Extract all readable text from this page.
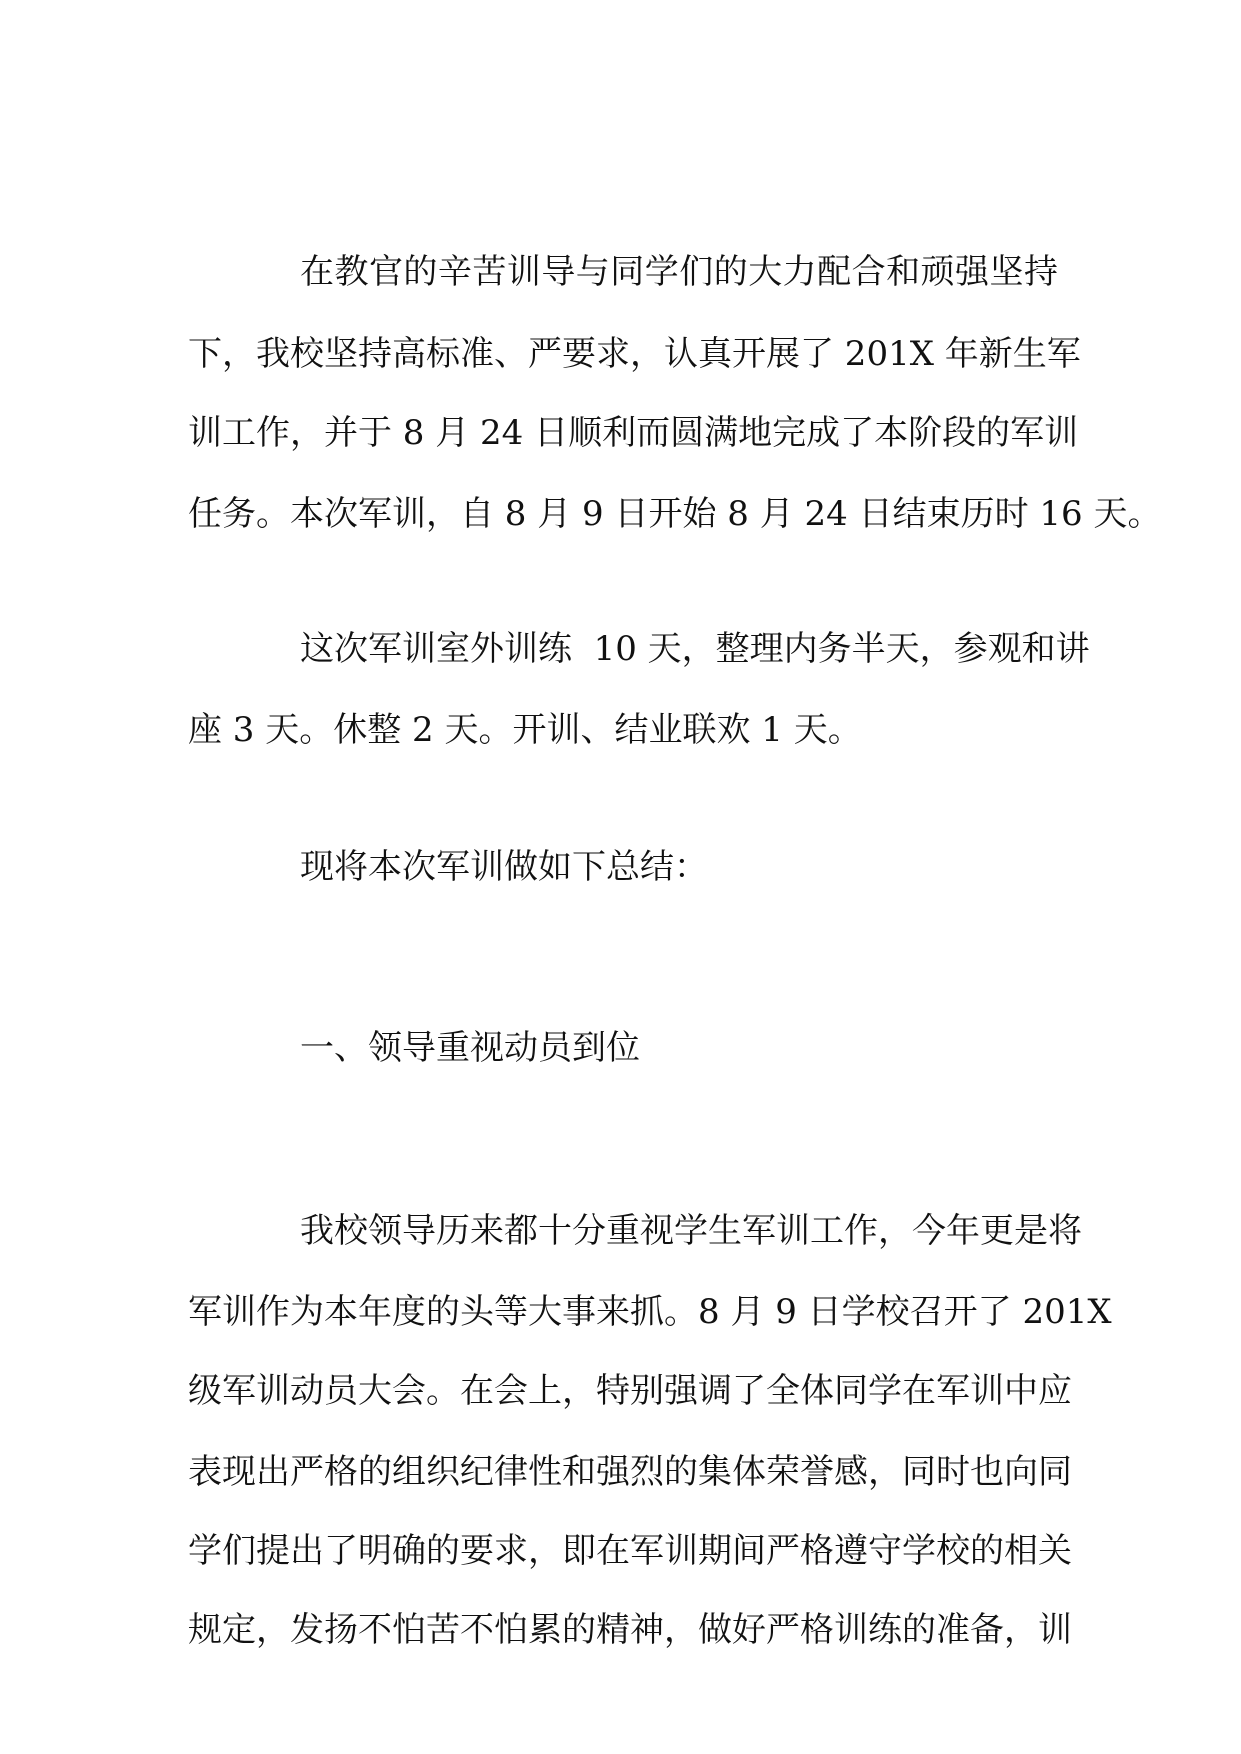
在教官的辛苦训导与同学们的大力配合和顽强坚持
下，我校坚持高标准、严要求，认真开展了 201X 年新生军
训工作，并于 8 月 24 日顺利而圆满地完成了本阶段的军训
任务。本次军训，自 8 月 9 日开始 8 月 24 日结束历时 16 天。
这次军训室外训练  10 天，整理内务半天，参观和讲
座 3 天。休整 2 天。开训、结业联欢 1 天。
现将本次军训做如下总结：
一、领导重视动员到位
我校领导历来都十分重视学生军训工作，今年更是将
军训作为本年度的头等大事来抓。8 月 9 日学校召开了 201X
级军训动员大会。在会上，特别强调了全体同学在军训中应
表现出严格的组织纪律性和强烈的集体荣誉感，同时也向同
学们提出了明确的要求，即在军训期间严格遵守学校的相关
规定，发扬不怕苦不怕累的精神，做好严格训练的准备，训
